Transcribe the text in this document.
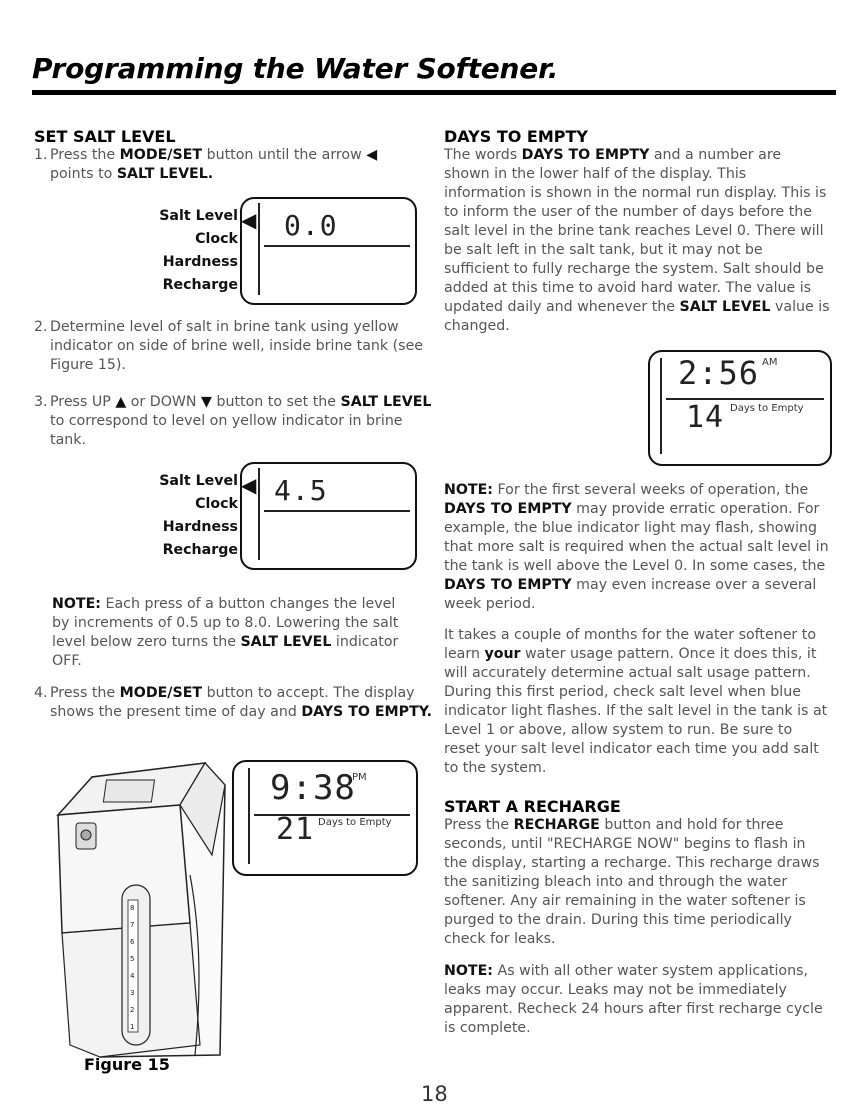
Programming the Water Softener.
SET SALT LEVEL
1. Press the MODE/SET button until the arrow ◀
points to SALT LEVEL.
Salt Level
Clock
Hardness
Recharge
◀ 0.0
2. Determine level of salt in brine tank using yellow indicator on side of brine well, inside brine tank (see Figure 15).
3. Press UP ▲ or DOWN ▼ button to set the SALT LEVEL to correspond to level on yellow indicator in brine tank.
Salt Level
Clock
Hardness
Recharge
◀ 4.5
NOTE: Each press of a button changes the level by increments of 0.5 up to 8.0. Lowering the salt level below zero turns the SALT LEVEL indicator OFF.
4. Press the MODE/SET button to accept. The display shows the present time of day and DAYS TO EMPTY.
9:38
PM
21 Days to Empty
8
7
6
5
4
3
2
1
Figure 15
DAYS TO EMPTY
The words DAYS TO EMPTY and a number are shown in the lower half of the display. This information is shown in the normal run display. This is to inform the user of the number of days before the salt level in the brine tank reaches Level 0. There will be salt left in the salt tank, but it may not be sufficient to fully recharge the system. Salt should be added at this time to avoid hard water. The value is updated daily and whenever the SALT LEVEL value is changed.
2:56 AM
14 Days to Empty
NOTE: For the first several weeks of operation, the DAYS TO EMPTY may provide erratic operation. For example, the blue indicator light may flash, showing that more salt is required when the actual salt level in the tank is well above the Level 0. In some cases, the DAYS TO EMPTY may even increase over a several week period.
It takes a couple of months for the water softener to learn your water usage pattern. Once it does this, it will accurately determine actual salt usage pattern. During this first period, check salt level when blue indicator light flashes. If the salt level in the tank is at Level 1 or above, allow system to run. Be sure to reset your salt level indicator each time you add salt to the system.
START A RECHARGE
Press the RECHARGE button and hold for three seconds, until "RECHARGE NOW" begins to flash in the display, starting a recharge. This recharge draws the sanitizing bleach into and through the water softener. Any air remaining in the water softener is purged to the drain. During this time periodically check for leaks.
NOTE: As with all other water system applications, leaks may occur. Leaks may not be immediately apparent. Recheck 24 hours after first recharge cycle is complete.
18
